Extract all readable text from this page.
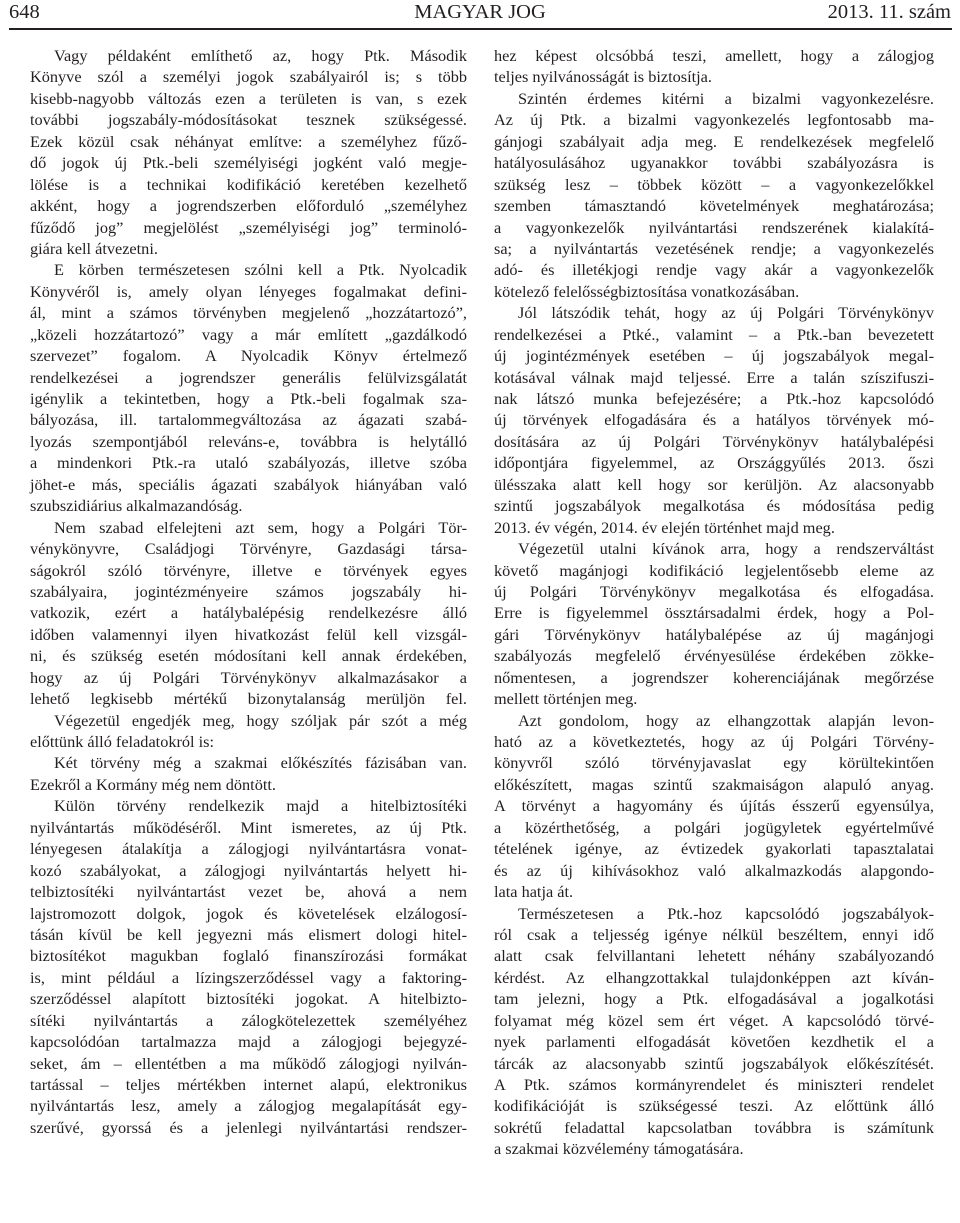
648	MAGYAR JOG	2013. 11. szám
Vagy példaként említhető az, hogy Ptk. Második
Könyve szól a személyi jogok szabályairól is; s több
kisebb-nagyobb változás ezen a területen is van, s ezek
további jogszabály-módosításokat tesznek szükségessé.
Ezek közül csak néhányat említve: a személyhez fűző-
dő jogok új Ptk.-beli személyiségi jogként való megje-
lölése is a technikai kodifikáció keretében kezelhető
akként, hogy a jogrendszerben előforduló „személyhez
fűződő jog” megjelölést „személyiségi jog” terminoló-
giára kell átvezetni.
E körben természetesen szólni kell a Ptk. Nyolcadik
Könyvéről is, amely olyan lényeges fogalmakat defini-
ál, mint a számos törvényben megjelenő „hozzátartozó”,
„közeli hozzátartozó” vagy a már említett „gazdálkodó
szervezet” fogalom. A Nyolcadik Könyv értelmező
rendelkezései a jogrendszer generális felülvizsgálatát
igénylik a tekintetben, hogy a Ptk.-beli fogalmak sza-
bályozása, ill. tartalommegváltozása az ágazati szabá-
lyozás szempontjából releváns-e, továbbra is helytálló
a mindenkori Ptk.-ra utaló szabályozás, illetve szóba
jöhet-e más, speciális ágazati szabályok hiányában való
szubszidiárius alkalmazandóság.
Nem szabad elfelejteni azt sem, hogy a Polgári Tör-
vénykönyvre, Családjogi Törvényre, Gazdasági társa-
ságokról szóló törvényre, illetve e törvények egyes
szabályaira, jogintézményeire számos jogszabály hi-
vatkozik, ezért a hatálybalépésig rendelkezésre álló
időben valamennyi ilyen hivatkozást felül kell vizsgál-
ni, és szükség esetén módosítani kell annak érdekében,
hogy az új Polgári Törvénykönyv alkalmazásakor a
lehető legkisebb mértékű bizonytalanság merüljön fel.
Végezetül engedjék meg, hogy szóljak pár szót a még
előttünk álló feladatokról is:
Két törvény még a szakmai előkészítés fázisában van.
Ezekről a Kormány még nem döntött.
Külön törvény rendelkezik majd a hitelbiztosítéki
nyilvántartás működéséről. Mint ismeretes, az új Ptk.
lényegesen átalakítja a zálogjogi nyilvántartásra vonat-
kozó szabályokat, a zálogjogi nyilvántartás helyett hi-
telbiztosítéki nyilvántartást vezet be, ahová a nem
lajstromozott dolgok, jogok és követelések elzálogosí-
tásán kívül be kell jegyezni más elismert dologi hitel-
biztosítékot magukban foglaló finanszírozási formákat
is, mint például a lízingszerződéssel vagy a faktoring-
szerződéssel alapított biztosítéki jogokat. A hitelbizto-
sítéki nyilvántartás a zálogkötelezettek személyéhez
kapcsolódóan tartalmazza majd a zálogjogi bejegyzé-
seket, ám – ellentétben a ma működő zálogjogi nyilván-
tartással – teljes mértékben internet alapú, elektronikus
nyilvántartás lesz, amely a zálogjog megalapítását egy-
szerűvé, gyorssá és a jelenlegi nyilvántartási rendszer-
hez képest olcsóbbá teszi, amellett, hogy a zálogjog
teljes nyilvánosságát is biztosítja.
Szintén érdemes kitérni a bizalmi vagyonkezelésre.
Az új Ptk. a bizalmi vagyonkezelés legfontosabb ma-
gánjogi szabályait adja meg. E rendelkezések megfelelő
hatályosulásához ugyanakkor további szabályozásra is
szükség lesz – többek között – a vagyonkezelőkkel
szemben támasztandó követelmények meghatározása;
a vagyonkezelők nyilvántartási rendszerének kialakítá-
sa; a nyilvántartás vezetésének rendje; a vagyonkezelés
adó- és illetékjogi rendje vagy akár a vagyonkezelők
kötelező felelősségbiztosítása vonatkozásában.
Jól látszódik tehát, hogy az új Polgári Törvénykönyv
rendelkezései a Ptké., valamint – a Ptk.-ban bevezetett
új jogintézmények esetében – új jogszabályok megal-
kotásával válnak majd teljessé. Erre a talán szíszifuszi-
nak látszó munka befejezésére; a Ptk.-hoz kapcsolódó
új törvények elfogadására és a hatályos törvények mó-
dosítására az új Polgári Törvénykönyv hatálybalépési
időpontjára figyelemmel, az Országgyűlés 2013. őszi
ülésszaka alatt kell hogy sor kerüljön. Az alacsonyabb
szintű jogszabályok megalkotása és módosítása pedig
2013. év végén, 2014. év elején történhet majd meg.
Végezetül utalni kívánok arra, hogy a rendszerváltást
követő magánjogi kodifikáció legjelentősebb eleme az
új Polgári Törvénykönyv megalkotása és elfogadása.
Erre is figyelemmel össztársadalmi érdek, hogy a Pol-
gári Törvénykönyv hatálybalépése az új magánjogi
szabályozás megfelelő érvényesülése érdekében zökke-
nőmentesen, a jogrendszer koherenciájának megőrzése
mellett történjen meg.
Azt gondolom, hogy az elhangzottak alapján levon-
ható az a következtetés, hogy az új Polgári Törvény-
könyvről szóló törvényjavaslat egy körültekintően
előkészített, magas szintű szakmaiságon alapuló anyag.
A törvényt a hagyomány és újítás ésszerű egyensúlya,
a közérthetőség, a polgári jogügyletek egyértelművé
tételének igénye, az évtizedek gyakorlati tapasztalatai
és az új kihívásokhoz való alkalmazkodás alapgondo-
lata hatja át.
Természetesen a Ptk.-hoz kapcsolódó jogszabályok-
ról csak a teljesség igénye nélkül beszéltem, ennyi idő
alatt csak felvillantani lehetett néhány szabályozandó
kérdést. Az elhangzottakkal tulajdonképpen azt kíván-
tam jelezni, hogy a Ptk. elfogadásával a jogalkotási
folyamat még közel sem ért véget. A kapcsolódó törvé-
nyek parlamenti elfogadását követően kezdhetik el a
tárcák az alacsonyabb szintű jogszabályok előkészítését.
A Ptk. számos kormányrendelet és miniszteri rendelet
kodifikációját is szükségessé teszi. Az előttünk álló
sokrétű feladattal kapcsolatban továbbra is számítunk
a szakmai közvélemény támogatására.
